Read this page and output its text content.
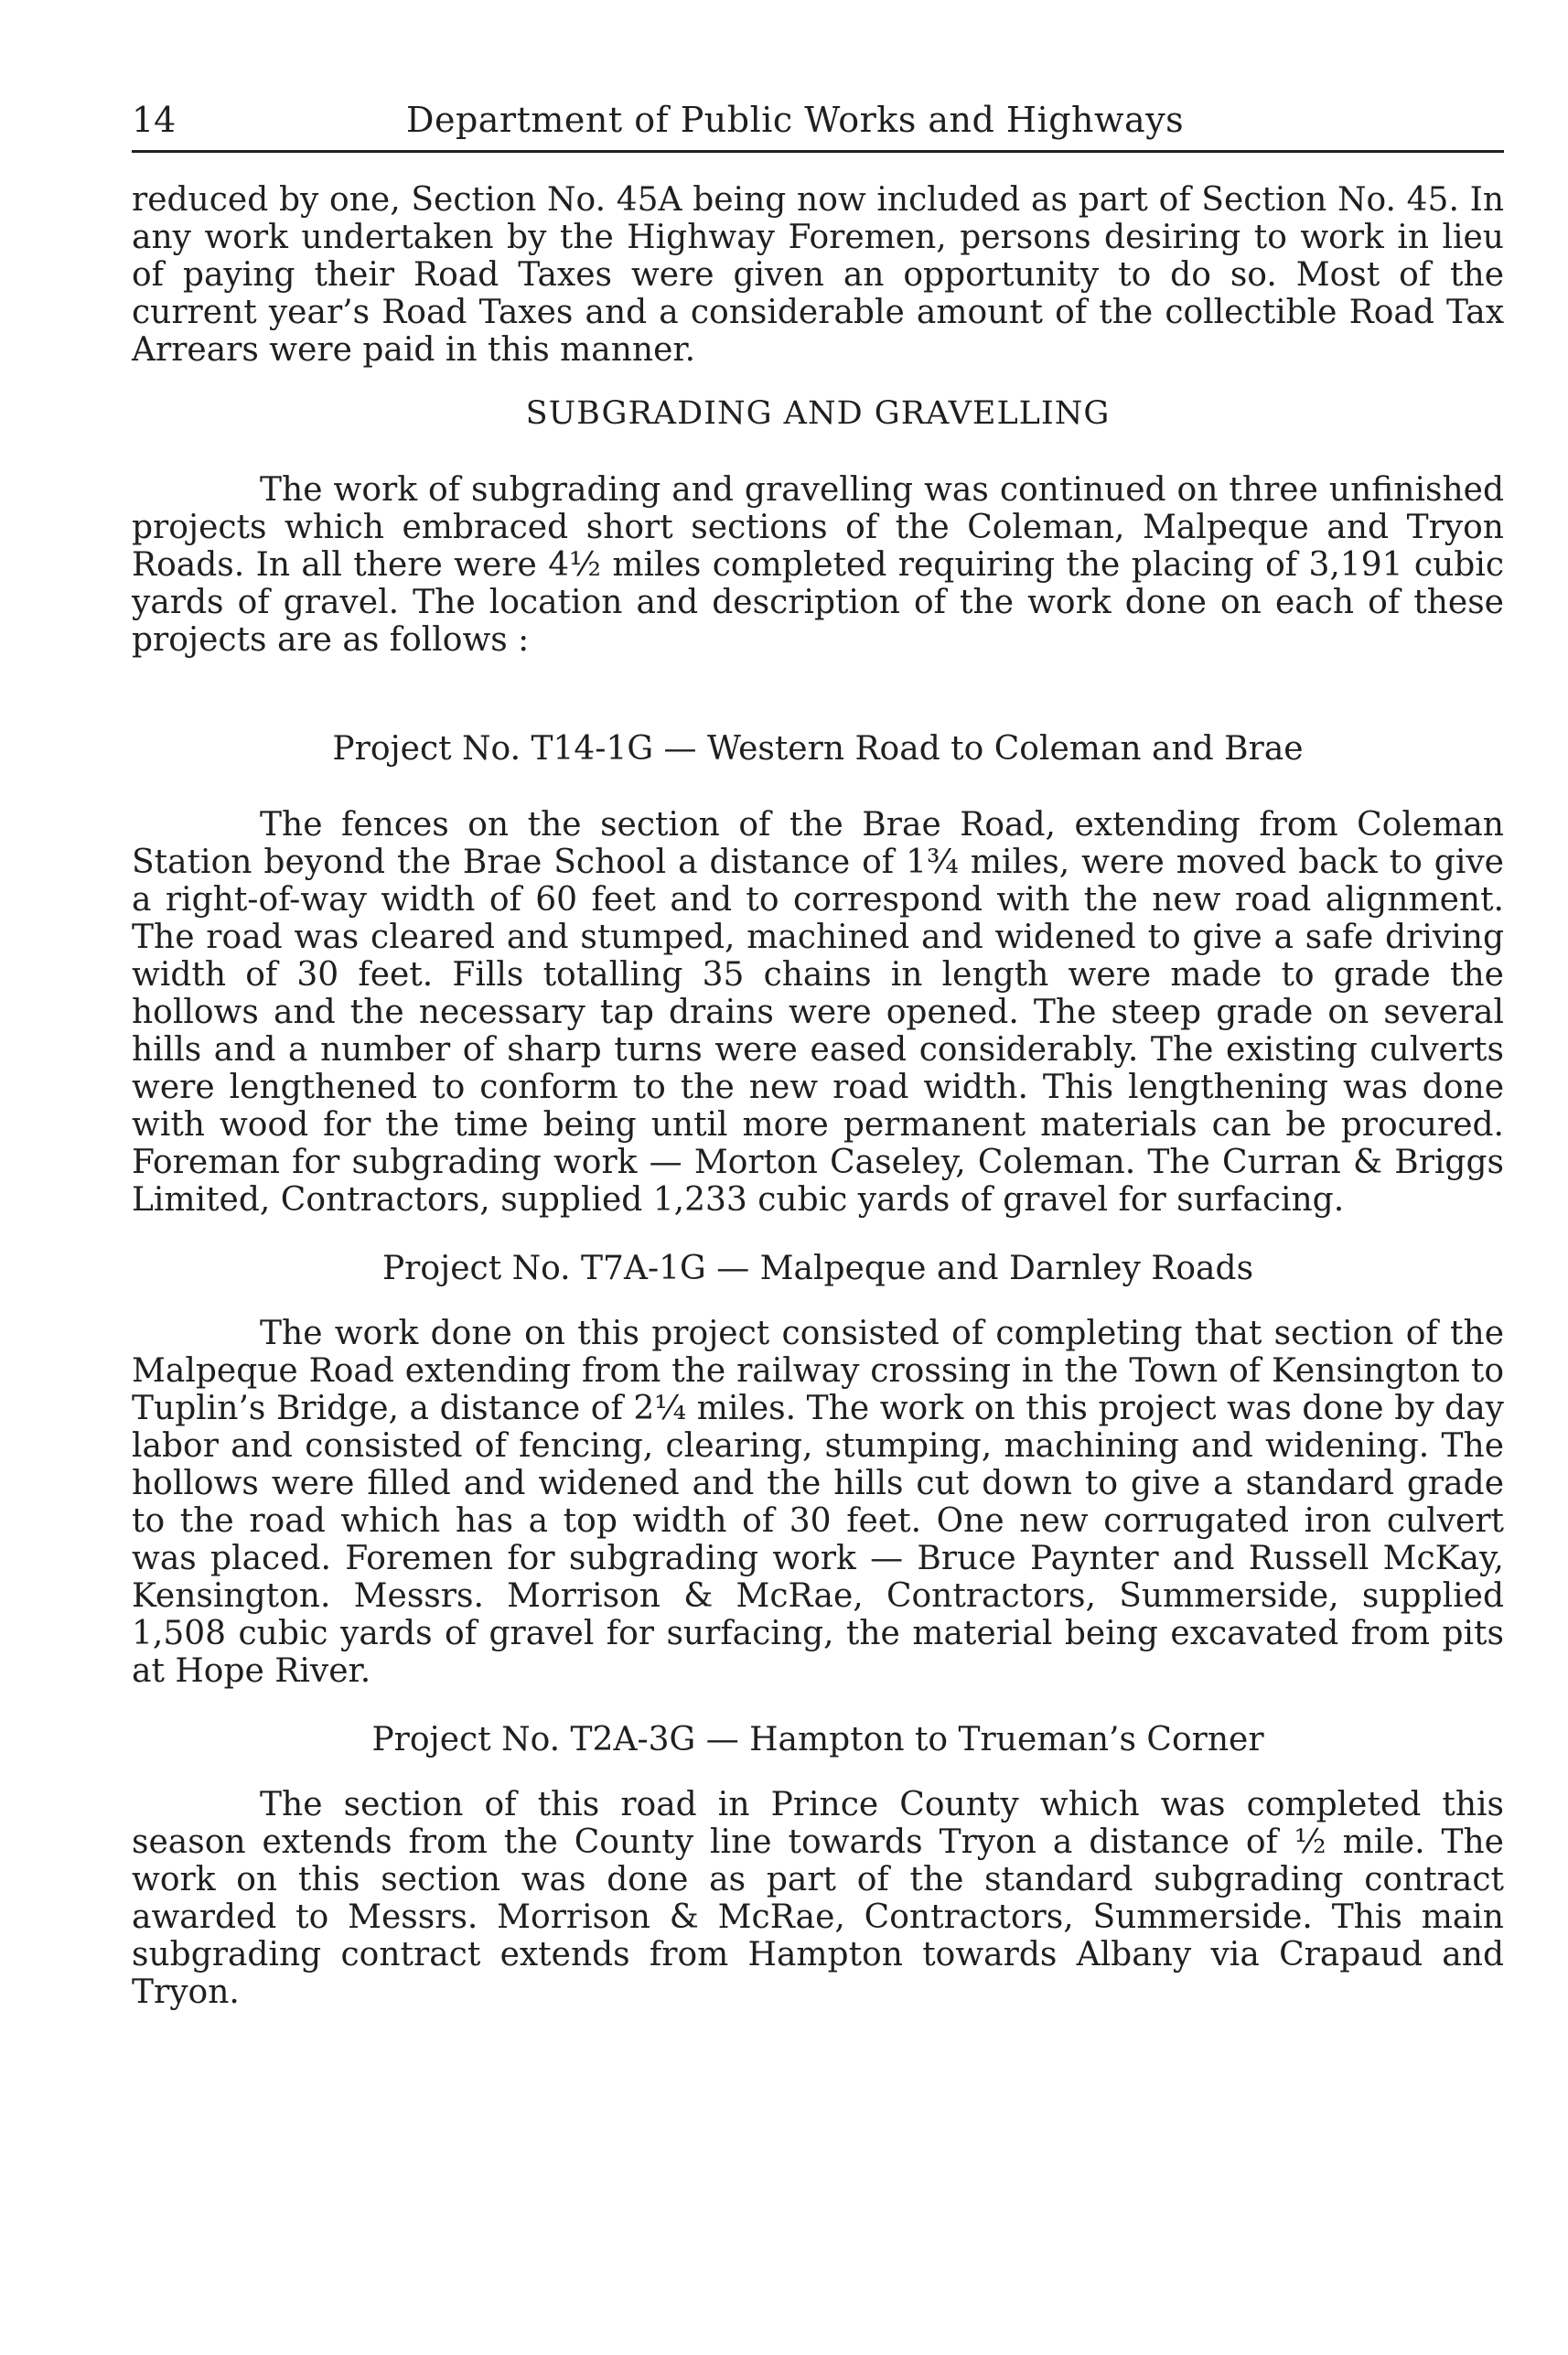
14	Department of Public Works and Highways

reduced by one, Section No. 45A being now included as part of Section No. 45. In any work undertaken by the Highway Foremen, persons desiring to work in lieu of paying their Road Taxes were given an opportunity to do so. Most of the current year’s Road Taxes and a considerable amount of the collectible Road Tax Arrears were paid in this manner.

SUBGRADING AND GRAVELLING

The work of subgrading and gravelling was continued on three unfinished projects which embraced short sections of the Coleman, Malpeque and Tryon Roads. In all there were 4½ miles completed requiring the placing of 3,191 cubic yards of gravel. The location and description of the work done on each of these projects are as follows :

Project No. T14-1G — Western Road to Coleman and Brae

The fences on the section of the Brae Road, extending from Coleman Station beyond the Brae School a distance of 1¾ miles, were moved back to give a right-of-way width of 60 feet and to correspond with the new road alignment. The road was cleared and stumped, machined and widened to give a safe driving width of 30 feet. Fills totalling 35 chains in length were made to grade the hollows and the necessary tap drains were opened. The steep grade on several hills and a number of sharp turns were eased considerably. The existing culverts were lengthened to conform to the new road width. This lengthening was done with wood for the time being until more permanent materials can be procured. Foreman for subgrading work — Morton Caseley, Coleman. The Curran & Briggs Limited, Contractors, supplied 1,233 cubic yards of gravel for surfacing.

Project No. T7A-1G — Malpeque and Darnley Roads

The work done on this project consisted of completing that section of the Malpeque Road extending from the railway crossing in the Town of Kensington to Tuplin’s Bridge, a distance of 2¼ miles. The work on this project was done by day labor and consisted of fencing, clearing, stumping, machining and widening. The hollows were filled and widened and the hills cut down to give a standard grade to the road which has a top width of 30 feet. One new corrugated iron culvert was placed. Foremen for subgrading work — Bruce Paynter and Russell McKay, Kensington. Messrs. Morrison & McRae, Contractors, Summerside, supplied 1,508 cubic yards of gravel for surfacing, the material being excavated from pits at Hope River.

Project No. T2A-3G — Hampton to Trueman’s Corner

The section of this road in Prince County which was completed this season extends from the County line towards Tryon a distance of ½ mile. The work on this section was done as part of the standard subgrading contract awarded to Messrs. Morrison & McRae, Contractors, Summerside. This main subgrading contract extends from Hampton towards Albany via Crapaud and Tryon.
